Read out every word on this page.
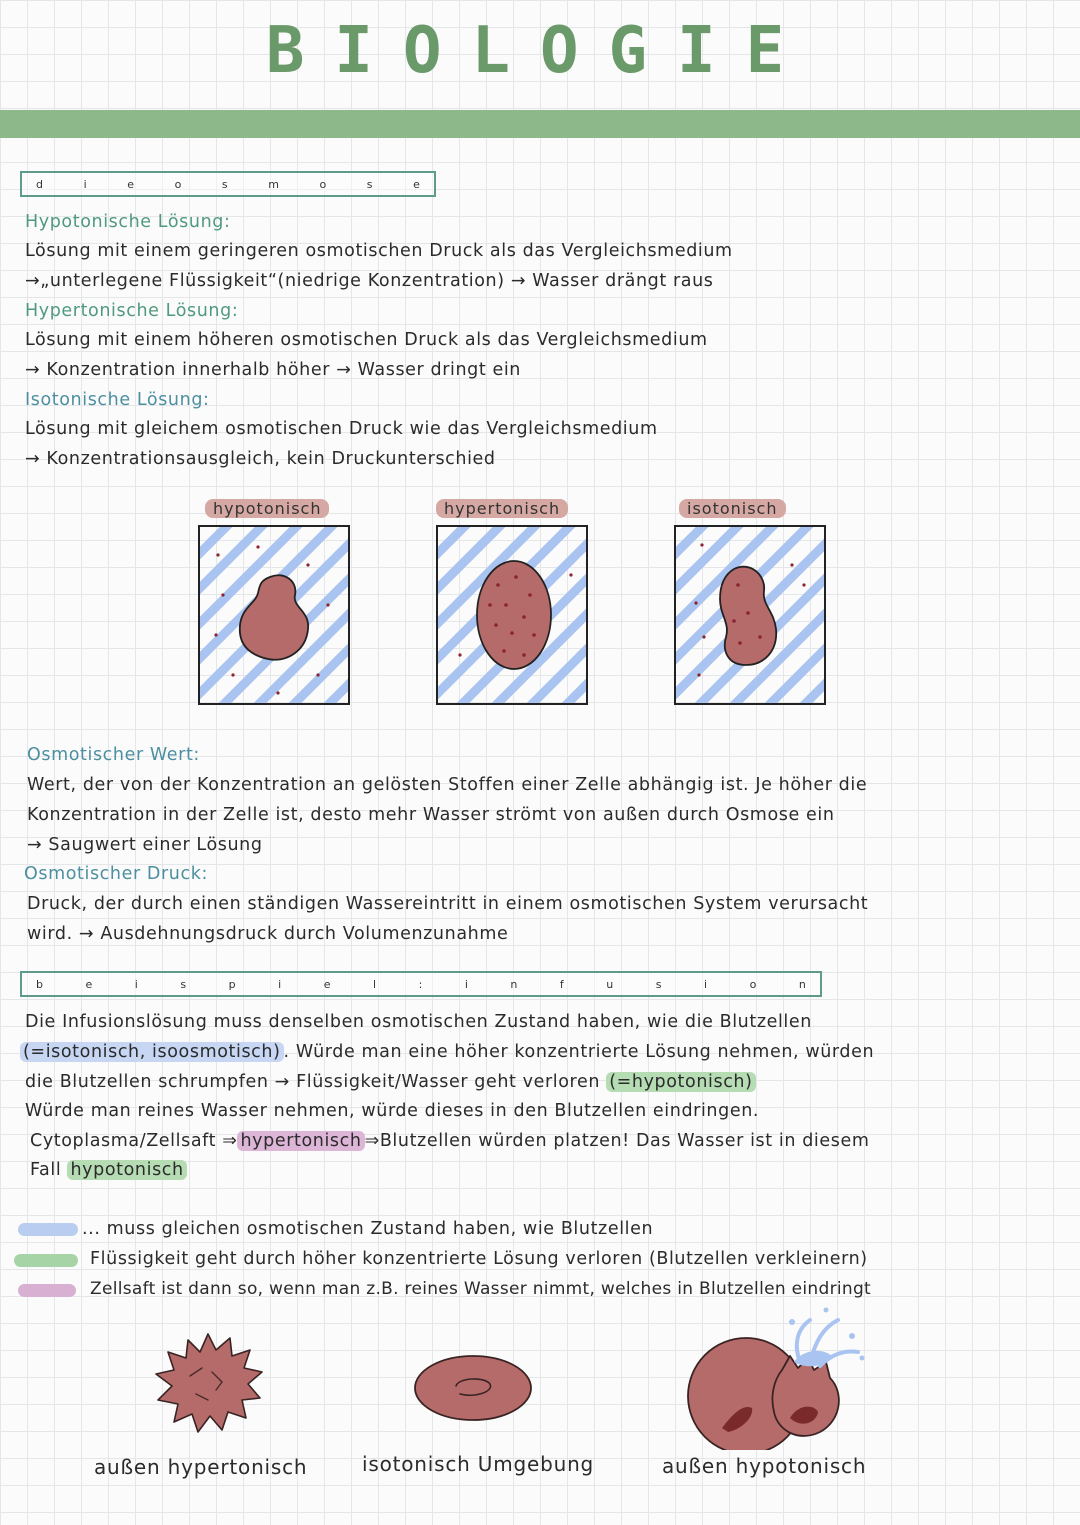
BIOLOGIE
d	i	e	o	s	m	o	s	e
Hypotonische Lösung:
Lösung mit einem geringeren osmotischen Druck als das Vergleichsmedium
→„unterlegene Flüssigkeit“(niedrige Konzentration) → Wasser drängt raus
Hypertonische Lösung:
Lösung mit einem höheren osmotischen Druck als das Vergleichsmedium
→ Konzentration innerhalb höher → Wasser dringt ein
Isotonische Lösung:
Lösung mit gleichem osmotischen Druck wie das Vergleichsmedium
→ Konzentrationsausgleich, kein Druckunterschied
hypotonisch	hypertonisch	isotonisch
Osmotischer Wert:
Wert, der von der Konzentration an gelösten Stoffen einer Zelle abhängig ist. Je höher die
Konzentration in der Zelle ist, desto mehr Wasser strömt von außen durch Osmose ein
→ Saugwert einer Lösung
Osmotischer Druck:
Druck, der durch einen ständigen Wassereintritt in einem osmotischen System verursacht
wird. → Ausdehnungsdruck durch Volumenzunahme
b	e	i	s	p	i	e	l	:	i	n	f	u	s	i	o	n
Die Infusionslösung muss denselben osmotischen Zustand haben, wie die Blutzellen
(=isotonisch, isoosmotisch) . Würde man eine höher konzentrierte Lösung nehmen, würden
die Blutzellen schrumpfen → Flüssigkeit/Wasser geht verloren (=hypotonisch)
Würde man reines Wasser nehmen, würde dieses in den Blutzellen eindringen.
Cytoplasma/Zellsaft ⇒ hypertonisch ⇒Blutzellen würden platzen! Das Wasser ist in diesem
Fall hypotonisch
... muss gleichen osmotischen Zustand haben, wie Blutzellen
Flüssigkeit geht durch höher konzentrierte Lösung verloren (Blutzellen verkleinern)
Zellsaft ist dann so, wenn man z.B. reines Wasser nimmt, welches in Blutzellen eindringt
außen hypertonisch	isotonisch Umgebung	außen hypotonisch
